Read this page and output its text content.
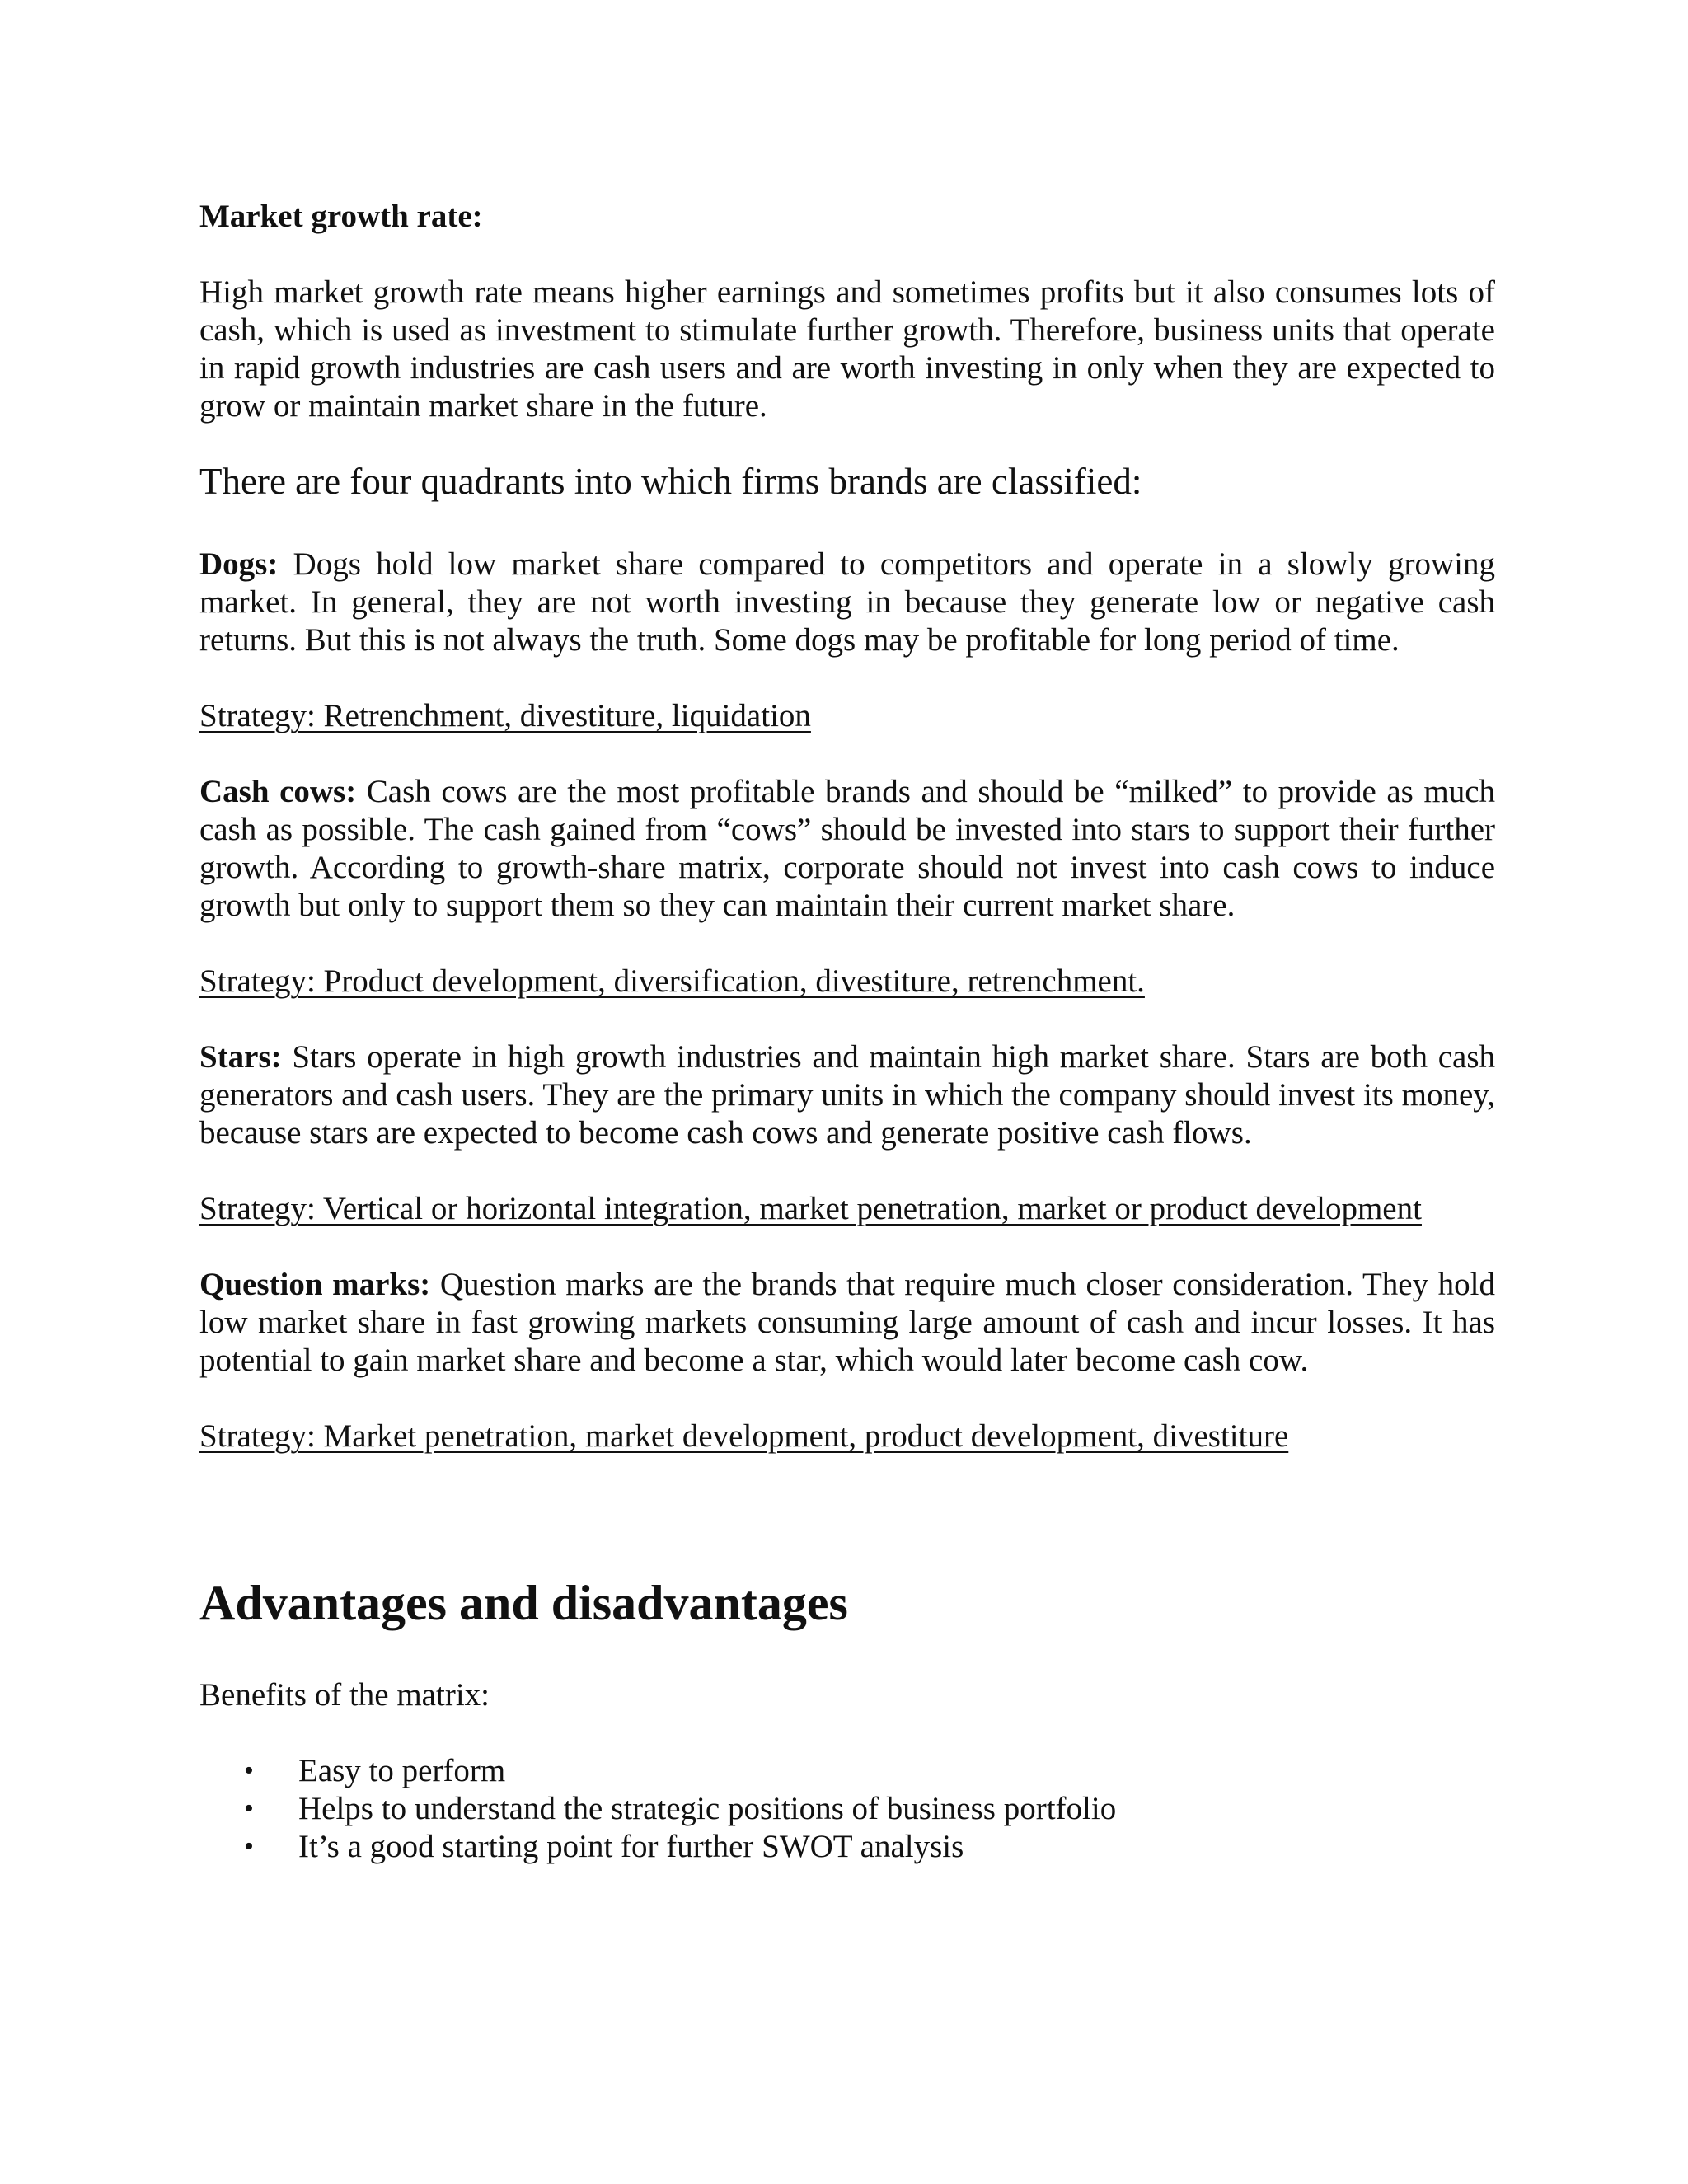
Market growth rate:

High market growth rate means higher earnings and sometimes profits but it also consumes lots of cash, which is used as investment to stimulate further growth. Therefore, business units that operate in rapid growth industries are cash users and are worth investing in only when they are expected to grow or maintain market share in the future.

There are four quadrants into which firms brands are classified:

Dogs: Dogs hold low market share compared to competitors and operate in a slowly growing market. In general, they are not worth investing in because they generate low or negative cash returns. But this is not always the truth. Some dogs may be profitable for long period of time.

Strategy: Retrenchment, divestiture, liquidation

Cash cows: Cash cows are the most profitable brands and should be “milked” to provide as much cash as possible. The cash gained from “cows” should be invested into stars to support their further growth. According to growth-share matrix, corporate should not invest into cash cows to induce growth but only to support them so they can maintain their current market share.

Strategy: Product development, diversification, divestiture, retrenchment.

Stars: Stars operate in high growth industries and maintain high market share. Stars are both cash generators and cash users. They are the primary units in which the company should invest its money, because stars are expected to become cash cows and generate positive cash flows.

Strategy: Vertical or horizontal integration, market penetration, market or product development

Question marks: Question marks are the brands that require much closer consideration. They hold low market share in fast growing markets consuming large amount of cash and incur losses. It has potential to gain market share and become a star, which would later become cash cow.

Strategy: Market penetration, market development, product development, divestiture

Advantages and disadvantages

Benefits of the matrix:

• Easy to perform
• Helps to understand the strategic positions of business portfolio
• It’s a good starting point for further SWOT analysis
